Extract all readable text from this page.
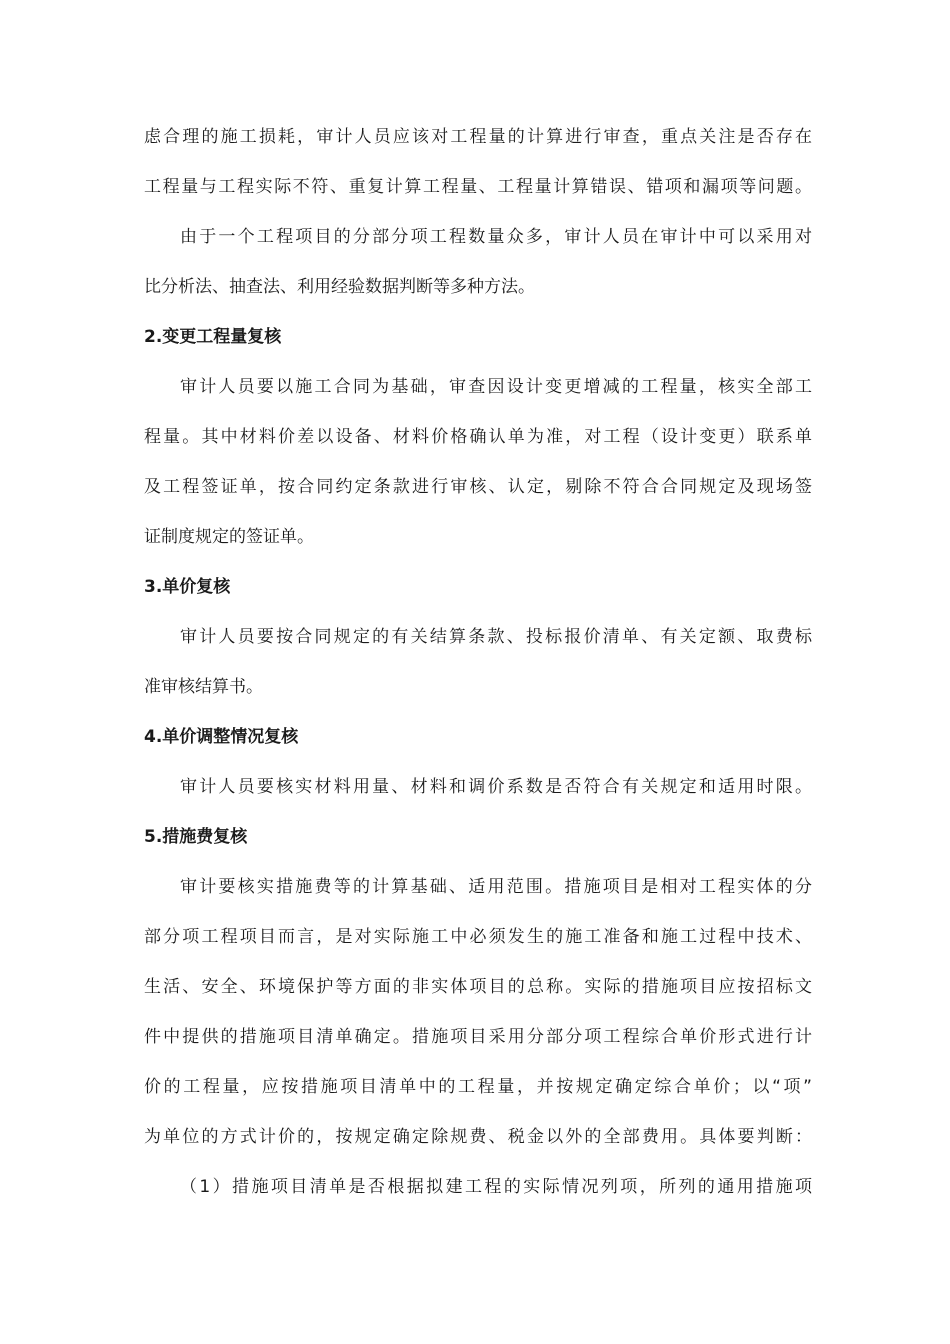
虑合理的施工损耗，审计人员应该对工程量的计算进行审查，重点关注是否存在
工程量与工程实际不符、重复计算工程量、工程量计算错误、错项和漏项等问题。
由于一个工程项目的分部分项工程数量众多，审计人员在审计中可以采用对
比分析法、抽查法、利用经验数据判断等多种方法。
2.变更工程量复核
审计人员要以施工合同为基础，审查因设计变更增减的工程量，核实全部工
程量。其中材料价差以设备、材料价格确认单为准，对工程（设计变更）联系单
及工程签证单，按合同约定条款进行审核、认定，剔除不符合合同规定及现场签
证制度规定的签证单。
3.单价复核
审计人员要按合同规定的有关结算条款、投标报价清单、有关定额、取费标
准审核结算书。
4.单价调整情况复核
审计人员要核实材料用量、材料和调价系数是否符合有关规定和适用时限。
5.措施费复核
审计要核实措施费等的计算基础、适用范围。措施项目是相对工程实体的分
部分项工程项目而言，是对实际施工中必须发生的施工准备和施工过程中技术、
生活、安全、环境保护等方面的非实体项目的总称。实际的措施项目应按招标文
件中提供的措施项目清单确定。措施项目采用分部分项工程综合单价形式进行计
价的工程量，应按措施项目清单中的工程量，并按规定确定综合单价；以“项”
为单位的方式计价的，按规定确定除规费、税金以外的全部费用。具体要判断：
（1）措施项目清单是否根据拟建工程的实际情况列项，所列的通用措施项
